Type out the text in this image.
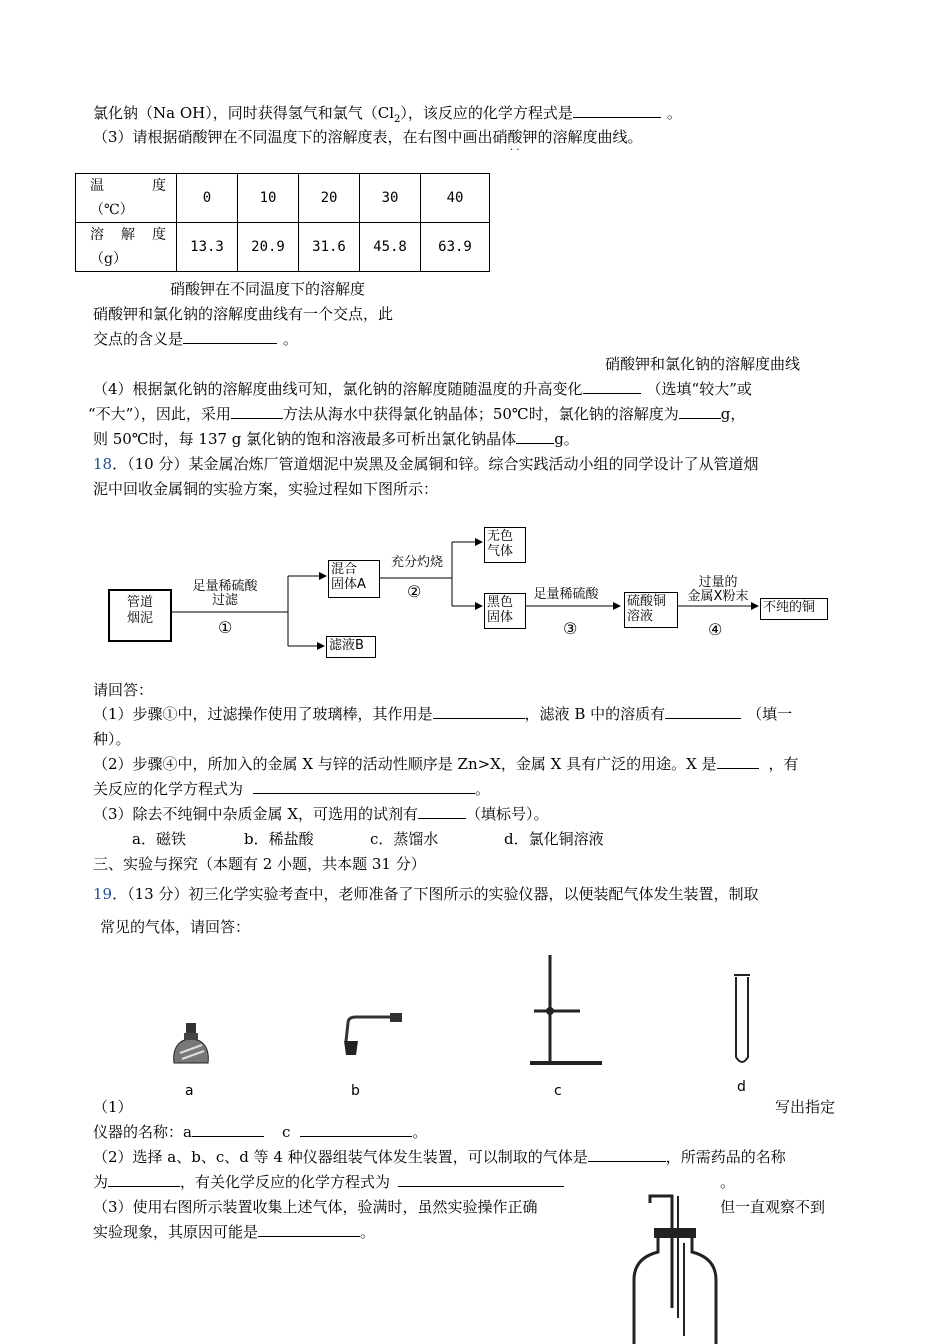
氯化钠（Na OH），同时获得氢气和氯气$(Cl_2)$，该反应的化学方程式是	。
（3）请根据硝酸钾在不同温度下的溶解度表，在右图中画出硝酸钾的溶解度曲线。
· ·
温 度
（℃）	0	10	20	30	40

溶 解 度
（g）	13.3	20.9	31.6	45.8	63.9
硝酸钾在不同温度下的溶解度
硝酸钾和氯化钠的溶解度曲线有一个交点，此
交点的含义是	。
硝酸钾和氯化钠的溶解度曲线
（4）根据氯化钠的溶解度曲线可知，氯化钠的溶解度随随温度的升高变化	（选填“较大”或
“不大”），因此，采用	方法从海水中获得氯化钠晶体；50℃时，氯化钠的溶解度为	g，
则 50℃时，每 137 g 氯化钠的饱和溶液最多可析出氯化钠晶体	g。
18．（10 分）某金属冶炼厂管道烟泥中炭黑及金属铜和锌。综合实践活动小组的同学设计了从管道烟
泥中回收金属铜的实验方案，实验过程如下图所示：
管道
烟泥
足量稀硫酸
过滤
①
混合
固体A
滤液B
充分灼烧
②
无色
气体
黑色
固体
足量稀硫酸
③
硫酸铜
溶液
过量的
金属X粉末
④
不纯的铜
请回答：
（1）步骤①中，过滤操作使用了玻璃棒，其作用是	，滤液 B 中的溶质有	（填一
种）。
（2）步骤④中，所加入的金属 X 与锌的活动性顺序是 Zn>X，金属 X 具有广泛的用途。X 是	，有
关反应的化学方程式为	。
（3）除去不纯铜中杂质金属 X，可选用的试剂有	（填标号）。
a．磁铁	b．稀盐酸	c．蒸馏水	d．氯化铜溶液
三、实验与探究（本题有 2 小题，共本题 31 分）
19．（13 分）初三化学实验考查中，老师准备了下图所示的实验仪器，以便装配气体发生装置，制取
常见的气体，请回答：
a	b	c	d
（1）	写出指定
仪器的名称：a	c	。
（2）选择 a、b、c、d 等 4 种仪器组装气体发生装置，可以制取的气体是	，所需药品的名称
为	，有关化学反应的化学方程式为	。
（3）使用右图所示装置收集上述气体，验满时，虽然实验操作正确	但一直观察不到
实验现象，其原因可能是	。
